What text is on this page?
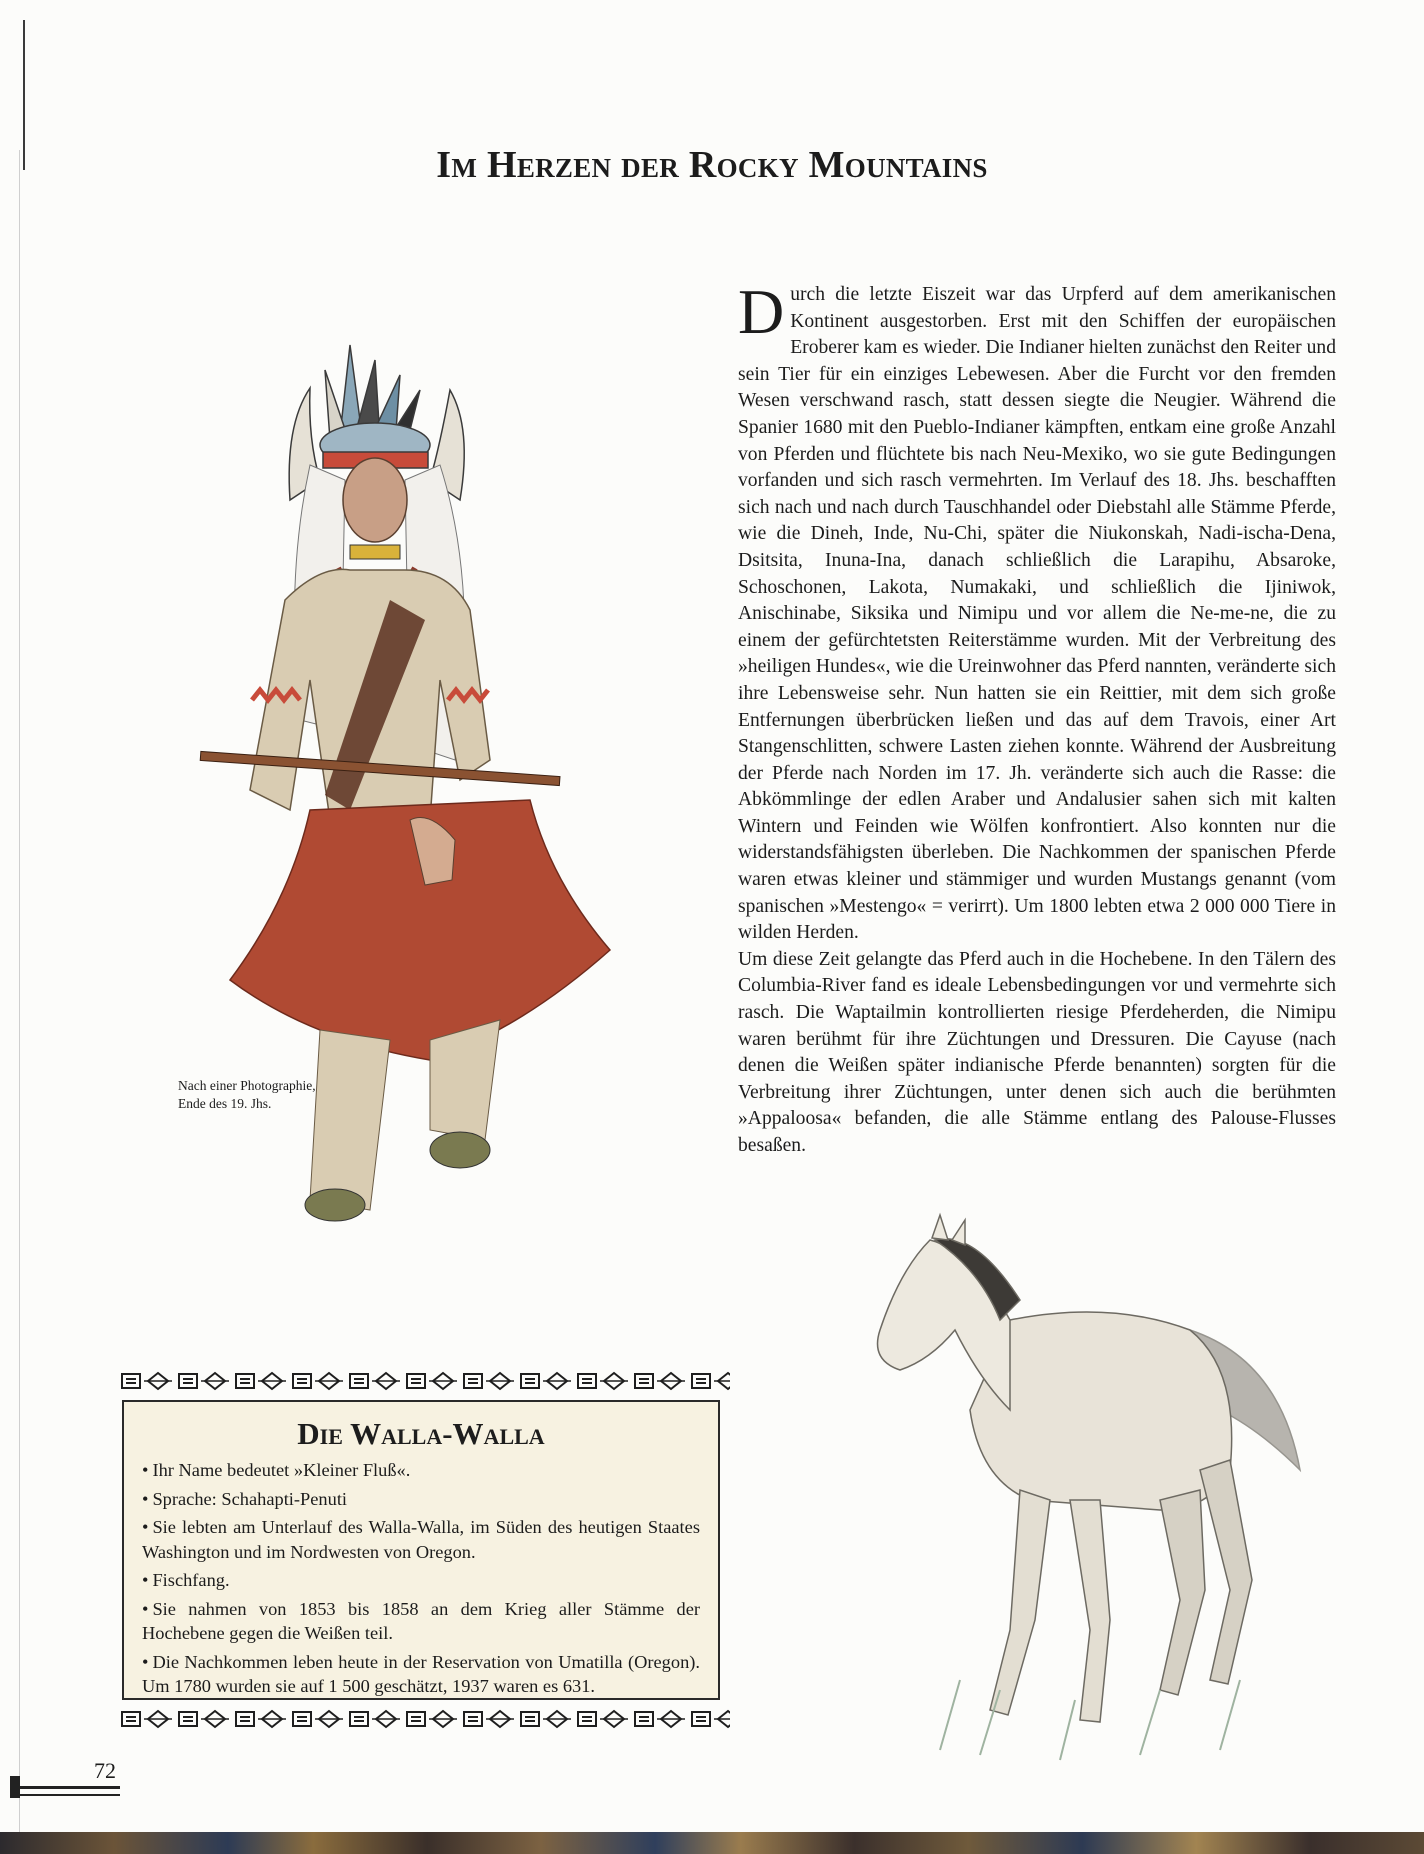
Im Herzen der Rocky Mountains
Nach einer Photographie,
Ende des 19. Jhs.

Durch die letzte Eiszeit war das Urpferd auf dem amerikanischen Kontinent ausgestorben. Erst mit den Schiffen der europäischen Eroberer kam es wieder. Die Indianer hielten zunächst den Reiter und sein Tier für ein einziges Lebewesen. Aber die Furcht vor den fremden Wesen verschwand rasch, statt dessen siegte die Neugier. Während die Spanier 1680 mit den Pueblo-Indianer kämpften, entkam eine große Anzahl von Pferden und flüchtete bis nach Neu-Mexiko, wo sie gute Bedingungen vorfanden und sich rasch vermehrten. Im Verlauf des 18. Jhs. beschafften sich nach und nach durch Tauschhandel oder Diebstahl alle Stämme Pferde, wie die Dineh, Inde, Nu-Chi, später die Niukonskah, Nadi-ischa-Dena, Dsitsita, Inuna-Ina, danach schließlich die Larapihu, Absaroke, Schoschonen, Lakota, Numakaki, und schließlich die Ijiniwok, Anischinabe, Siksika und Nimipu und vor allem die Ne-me-ne, die zu einem der gefürchtetsten Reiterstämme wurden. Mit der Verbreitung des »heiligen Hundes«, wie die Ureinwohner das Pferd nannten, veränderte sich ihre Lebensweise sehr. Nun hatten sie ein Reittier, mit dem sich große Entfernungen überbrücken ließen und das auf dem Travois, einer Art Stangenschlitten, schwere Lasten ziehen konnte. Während der Ausbreitung der Pferde nach Norden im 17. Jh. veränderte sich auch die Rasse: die Abkömmlinge der edlen Araber und Andalusier sahen sich mit kalten Wintern und Feinden wie Wölfen konfrontiert. Also konnten nur die widerstandsfähigsten überleben. Die Nachkommen der spanischen Pferde waren etwas kleiner und stämmiger und wurden Mustangs genannt (vom spanischen »Mestengo« = verirrt). Um 1800 lebten etwa 2 000 000 Tiere in wilden Herden.

Um diese Zeit gelangte das Pferd auch in die Hochebene. In den Tälern des Columbia-River fand es ideale Lebensbedingungen vor und vermehrte sich rasch. Die Waptailmin kontrollierten riesige Pferdeherden, die Nimipu waren berühmt für ihre Züchtungen und Dressuren. Die Cayuse (nach denen die Weißen später indianische Pferde benannten) sorgten für die Verbreitung ihrer Züchtungen, unter denen sich auch die berühmten »Appaloosa« befanden, die alle Stämme entlang des Palouse-Flusses besaßen.

Die Walla-Walla
• Ihr Name bedeutet »Kleiner Fluß«.
• Sprache: Schahapti-Penuti
• Sie lebten am Unterlauf des Walla-Walla, im Süden des heutigen Staates Washington und im Nordwesten von Oregon.
• Fischfang.
• Sie nahmen von 1853 bis 1858 an dem Krieg aller Stämme der Hochebene gegen die Weißen teil.
• Die Nachkommen leben heute in der Reservation von Umatilla (Oregon). Um 1780 wurden sie auf 1 500 geschätzt, 1937 waren es 631.
72
